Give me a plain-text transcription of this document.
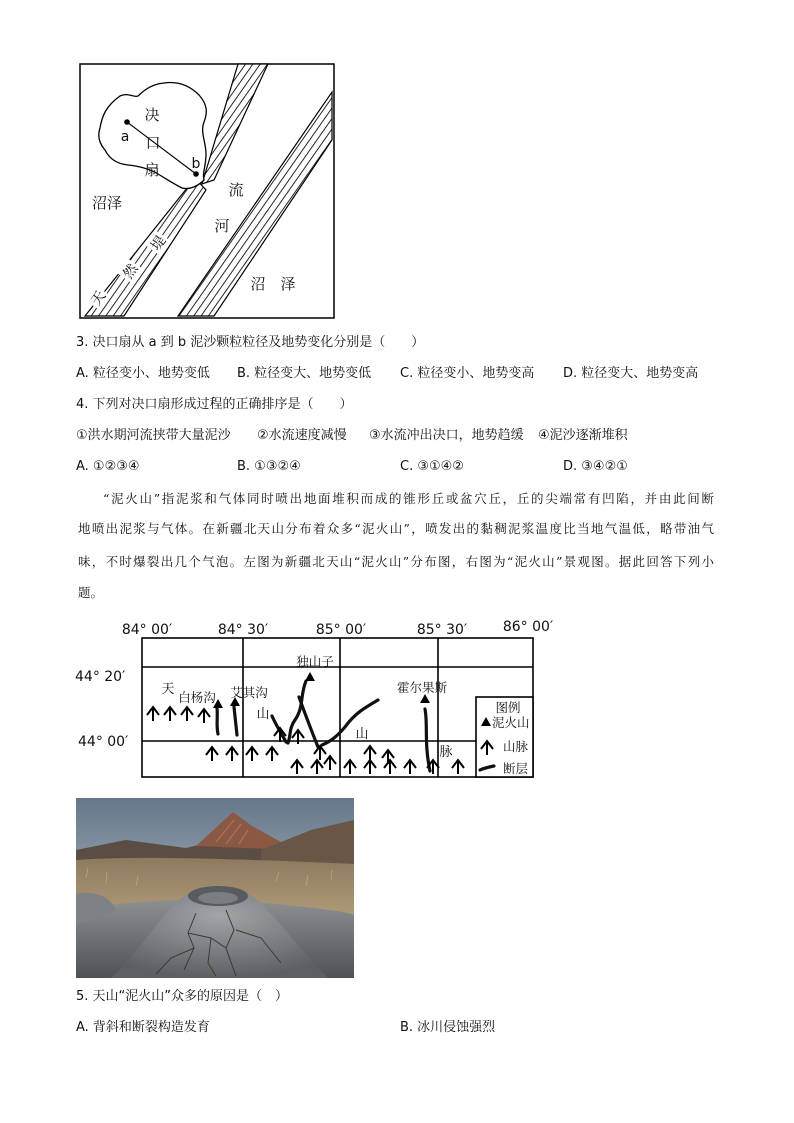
a
b
决
口
扇
流
河
沼泽
沼 泽
天
然
堤
3. 决口扇从 a 到 b 泥沙颗粒粒径及地势变化分别是（　　）
A. 粒径变小、地势变低 B. 粒径变大、地势变低 C. 粒径变小、地势变高 D. 粒径变大、地势变高
4. 下列对决口扇形成过程的正确排序是（　　）
①洪水期河流挟带大量泥沙 ②水流速度减慢 ③水流冲出决口，地势趋缓 ④泥沙逐渐堆积
A. ①②③④	B. ①③②④	C. ③①④②	D. ③④②①
“泥火山”指泥浆和气体同时喷出地面堆积而成的锥形丘或盆穴丘，丘的尖端常有凹陷，并由此间断
地喷出泥浆与气体。在新疆北天山分布着众多“泥火山”，喷发出的黏稠泥浆温度比当地气温低，略带油气
味，不时爆裂出几个气泡。左图为新疆北天山“泥火山”分布图，右图为“泥火山”景观图。据此回答下列小
题。
84° 00′	84° 30′	85° 00′	85° 30′	86° 00′
44° 20′
44° 00′
白杨沟 艾其沟
独山子
霍尔果斯
天
山
山
脉
图例
泥火山
山脉
断层
5. 天山“泥火山”众多的原因是（　）
A. 背斜和断裂构造发育	B. 冰川侵蚀强烈
